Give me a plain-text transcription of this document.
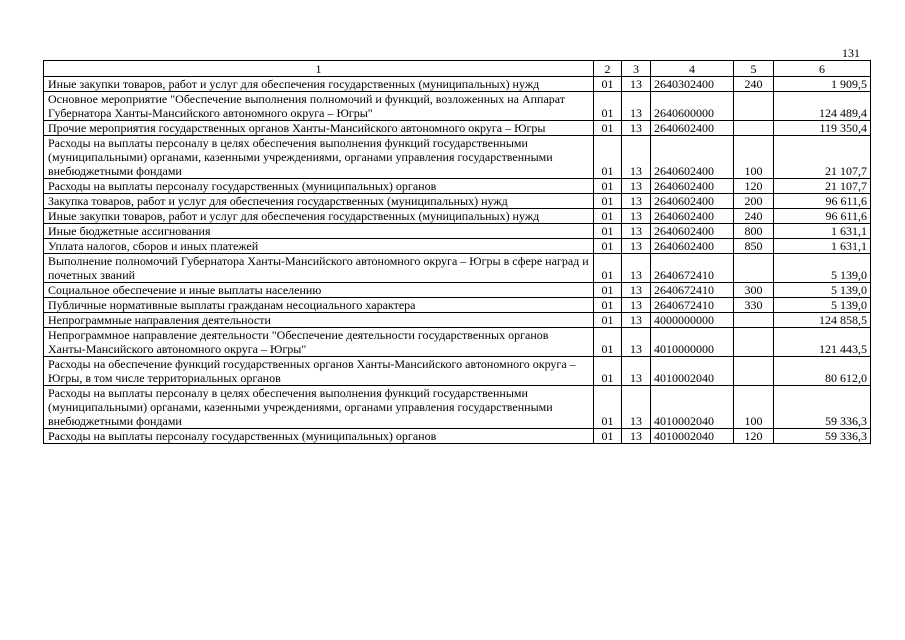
131
1	2	3	4	5	6
Иные закупки товаров, работ и услуг для обеспечения государственных (муниципальных) нужд	01	13	2640302400	240	1 909,5
Основное мероприятие "Обеспечение выполнения полномочий и функций, возложенных на Аппарат Губернатора Ханты-Мансийского автономного округа – Югры"	01	13	2640600000		124 489,4
Прочие мероприятия государственных органов Ханты-Мансийского автономного округа – Югры	01	13	2640602400		119 350,4
Расходы на выплаты персоналу в целях обеспечения выполнения функций государственными (муниципальными) органами, казенными учреждениями, органами управления государственными внебюджетными фондами	01	13	2640602400	100	21 107,7
Расходы на выплаты персоналу государственных (муниципальных) органов	01	13	2640602400	120	21 107,7
Закупка товаров, работ и услуг для обеспечения государственных (муниципальных) нужд	01	13	2640602400	200	96 611,6
Иные закупки товаров, работ и услуг для обеспечения государственных (муниципальных) нужд	01	13	2640602400	240	96 611,6
Иные бюджетные ассигнования	01	13	2640602400	800	1 631,1
Уплата налогов, сборов и иных платежей	01	13	2640602400	850	1 631,1
Выполнение полномочий Губернатора Ханты-Мансийского автономного округа – Югры в сфере наград и почетных званий	01	13	2640672410		5 139,0
Социальное обеспечение и иные выплаты населению	01	13	2640672410	300	5 139,0
Публичные нормативные выплаты гражданам несоциального характера	01	13	2640672410	330	5 139,0
Непрограммные направления деятельности	01	13	4000000000		124 858,5
Непрограммное направление деятельности "Обеспечение деятельности государственных органов Ханты-Мансийского автономного округа – Югры"	01	13	4010000000		121 443,5
Расходы на обеспечение функций государственных органов Ханты-Мансийского автономного округа – Югры, в том числе территориальных органов	01	13	4010002040		80 612,0
Расходы на выплаты персоналу в целях обеспечения выполнения функций государственными (муниципальными) органами, казенными учреждениями, органами управления государственными внебюджетными фондами	01	13	4010002040	100	59 336,3
Расходы на выплаты персоналу государственных (муниципальных) органов	01	13	4010002040	120	59 336,3
